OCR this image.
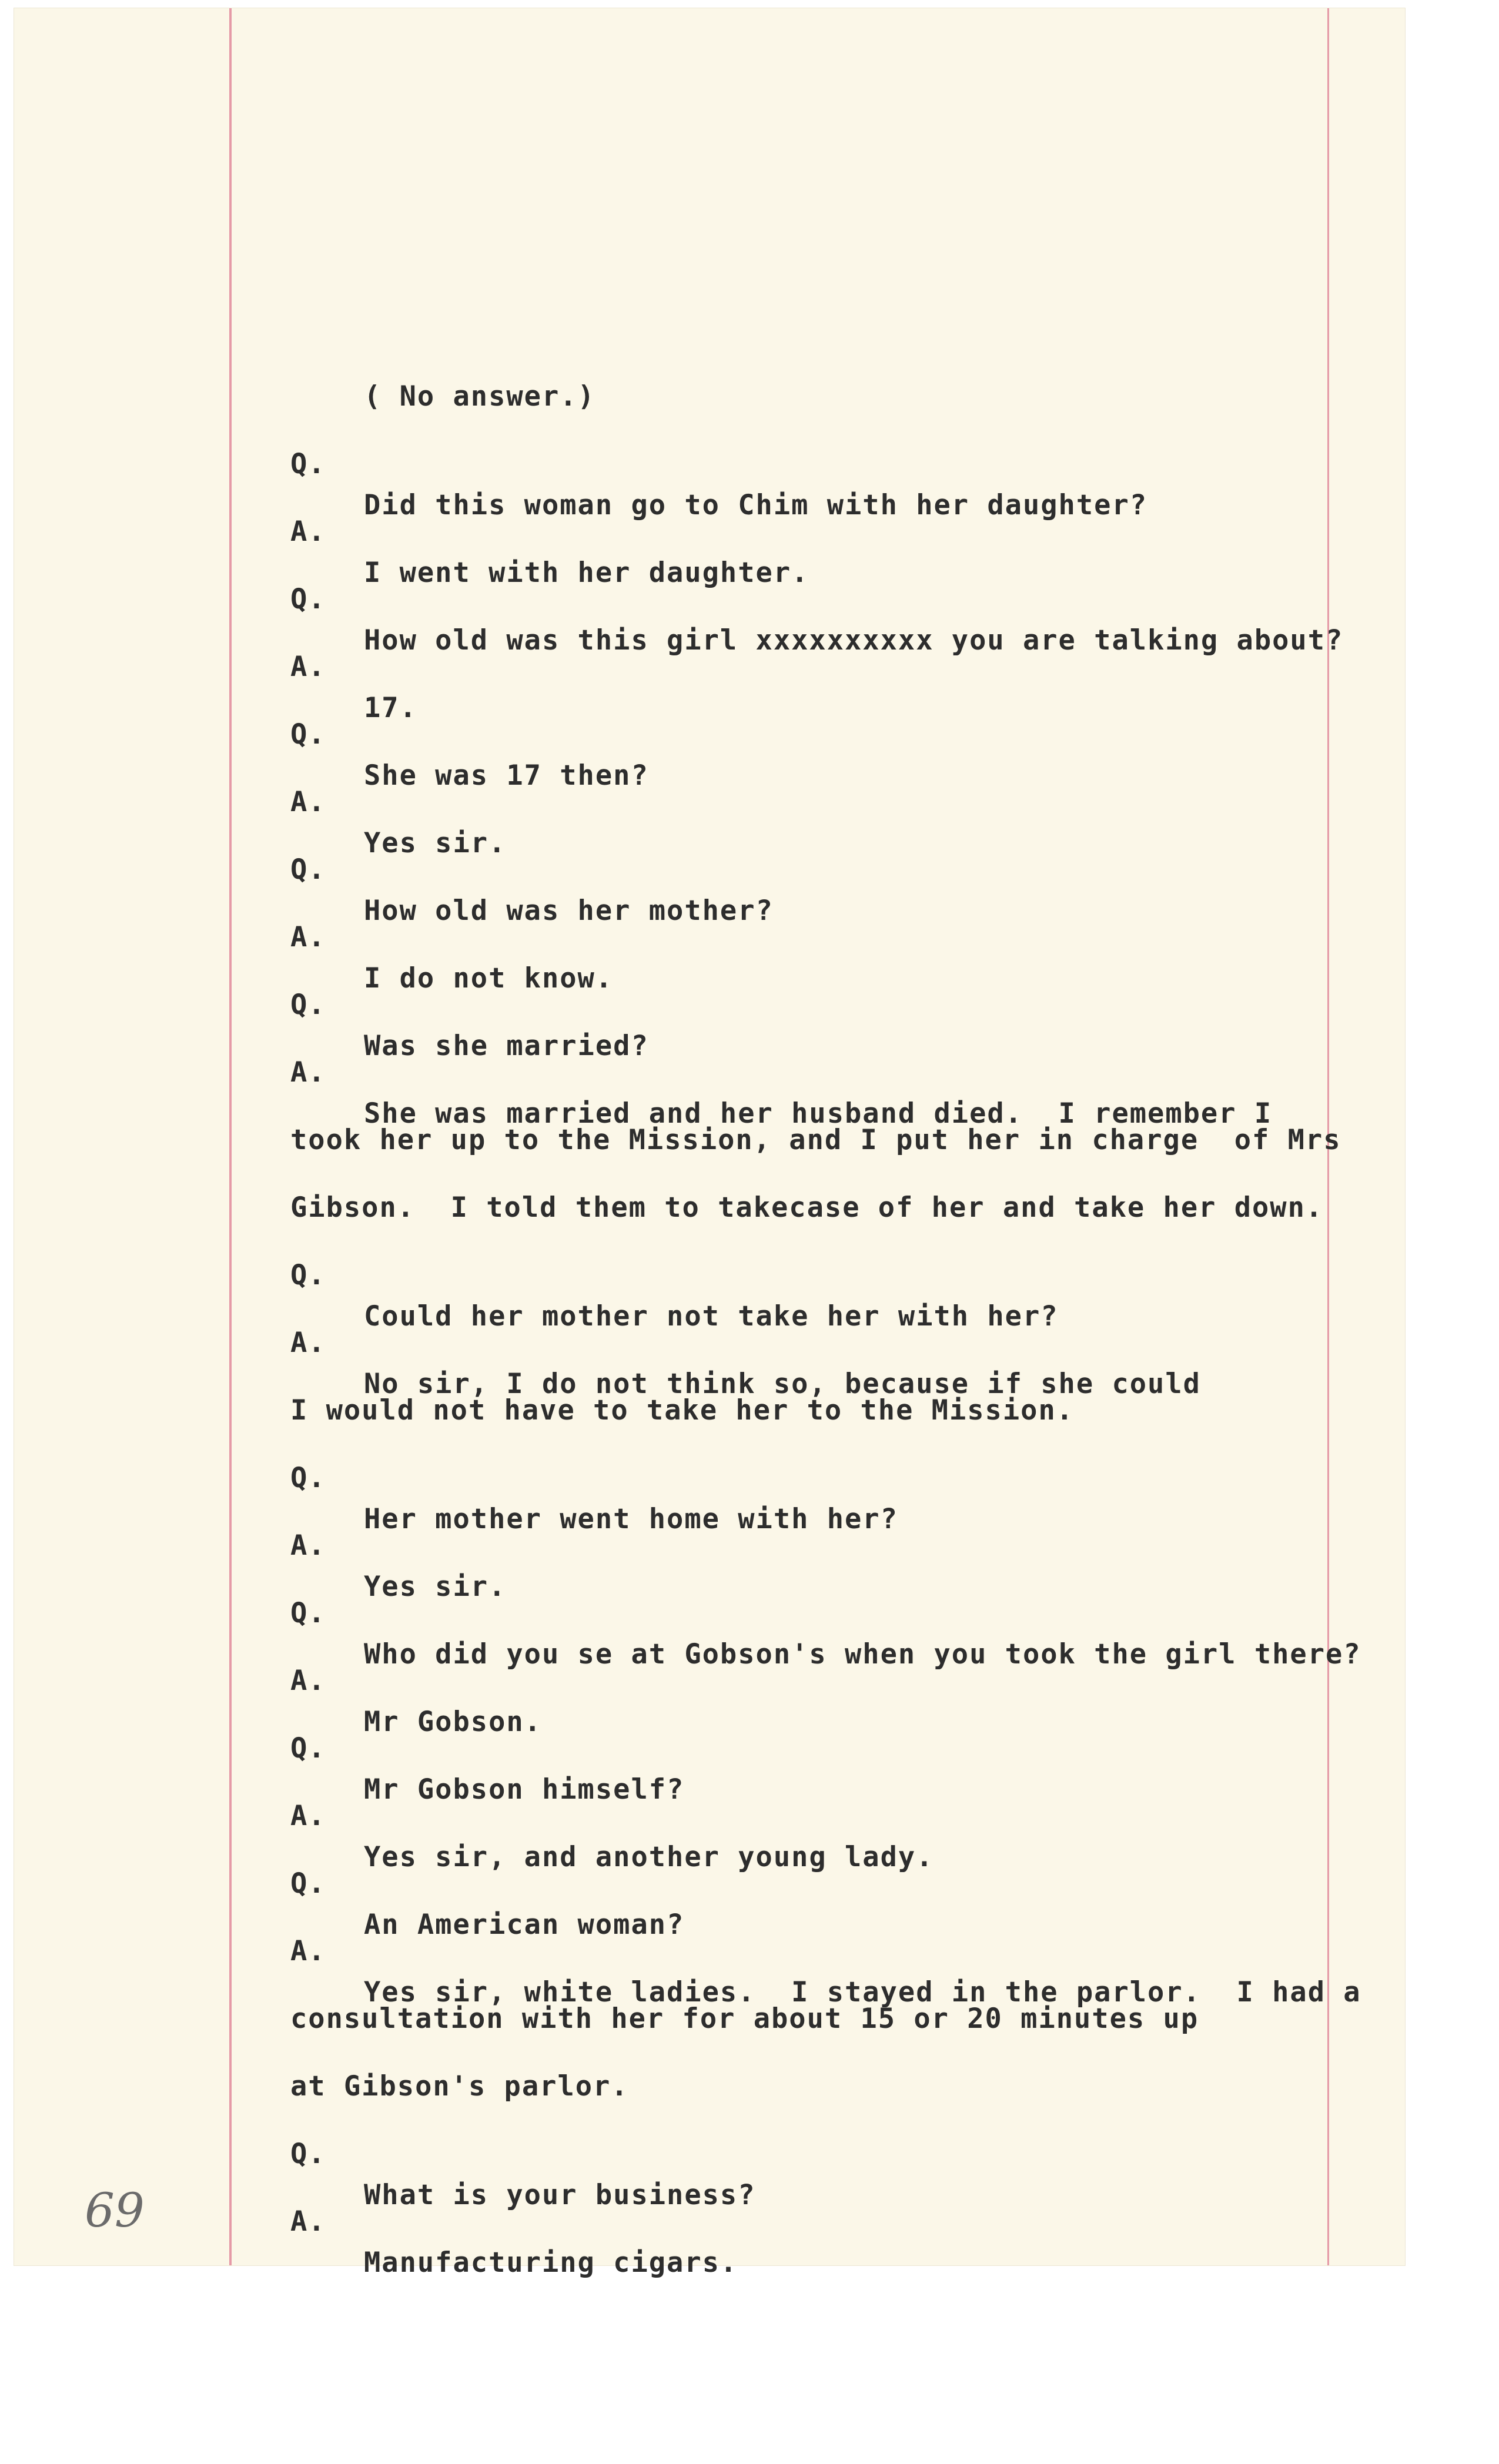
( No answer.)

Q.

Did this woman go to Chim with her daughter?

A.

I went with her daughter.

Q.

How old was this girl xxxxxxxxxx you are talking about?

A.

17.

Q.

She was 17 then?

A.

Yes sir.

Q.

How old was her mother?

A.

I do not know.

Q.

Was she married?

A.

She was married and her husband died.  I remember I

took her up to the Mission, and I put her in charge  of Mrs

Gibson.  I told them to takecase of her and take her down.

Q.

Could her mother not take her with her?

A.

No sir, I do not think so, because if she could

I would not have to take her to the Mission.

Q.

Her mother went home with her?

A.

Yes sir.

Q.

Who did you se at Gobson's when you took the girl there?

A.

Mr Gobson.

Q.

Mr Gobson himself?

A.

Yes sir, and another young lady.

Q.

An American woman?

A.

Yes sir, white ladies.  I stayed in the parlor.  I had a

consultation with her for about 15 or 20 minutes up

at Gibson's parlor.

Q.

What is your business?

A.

Manufacturing cigars.

69
